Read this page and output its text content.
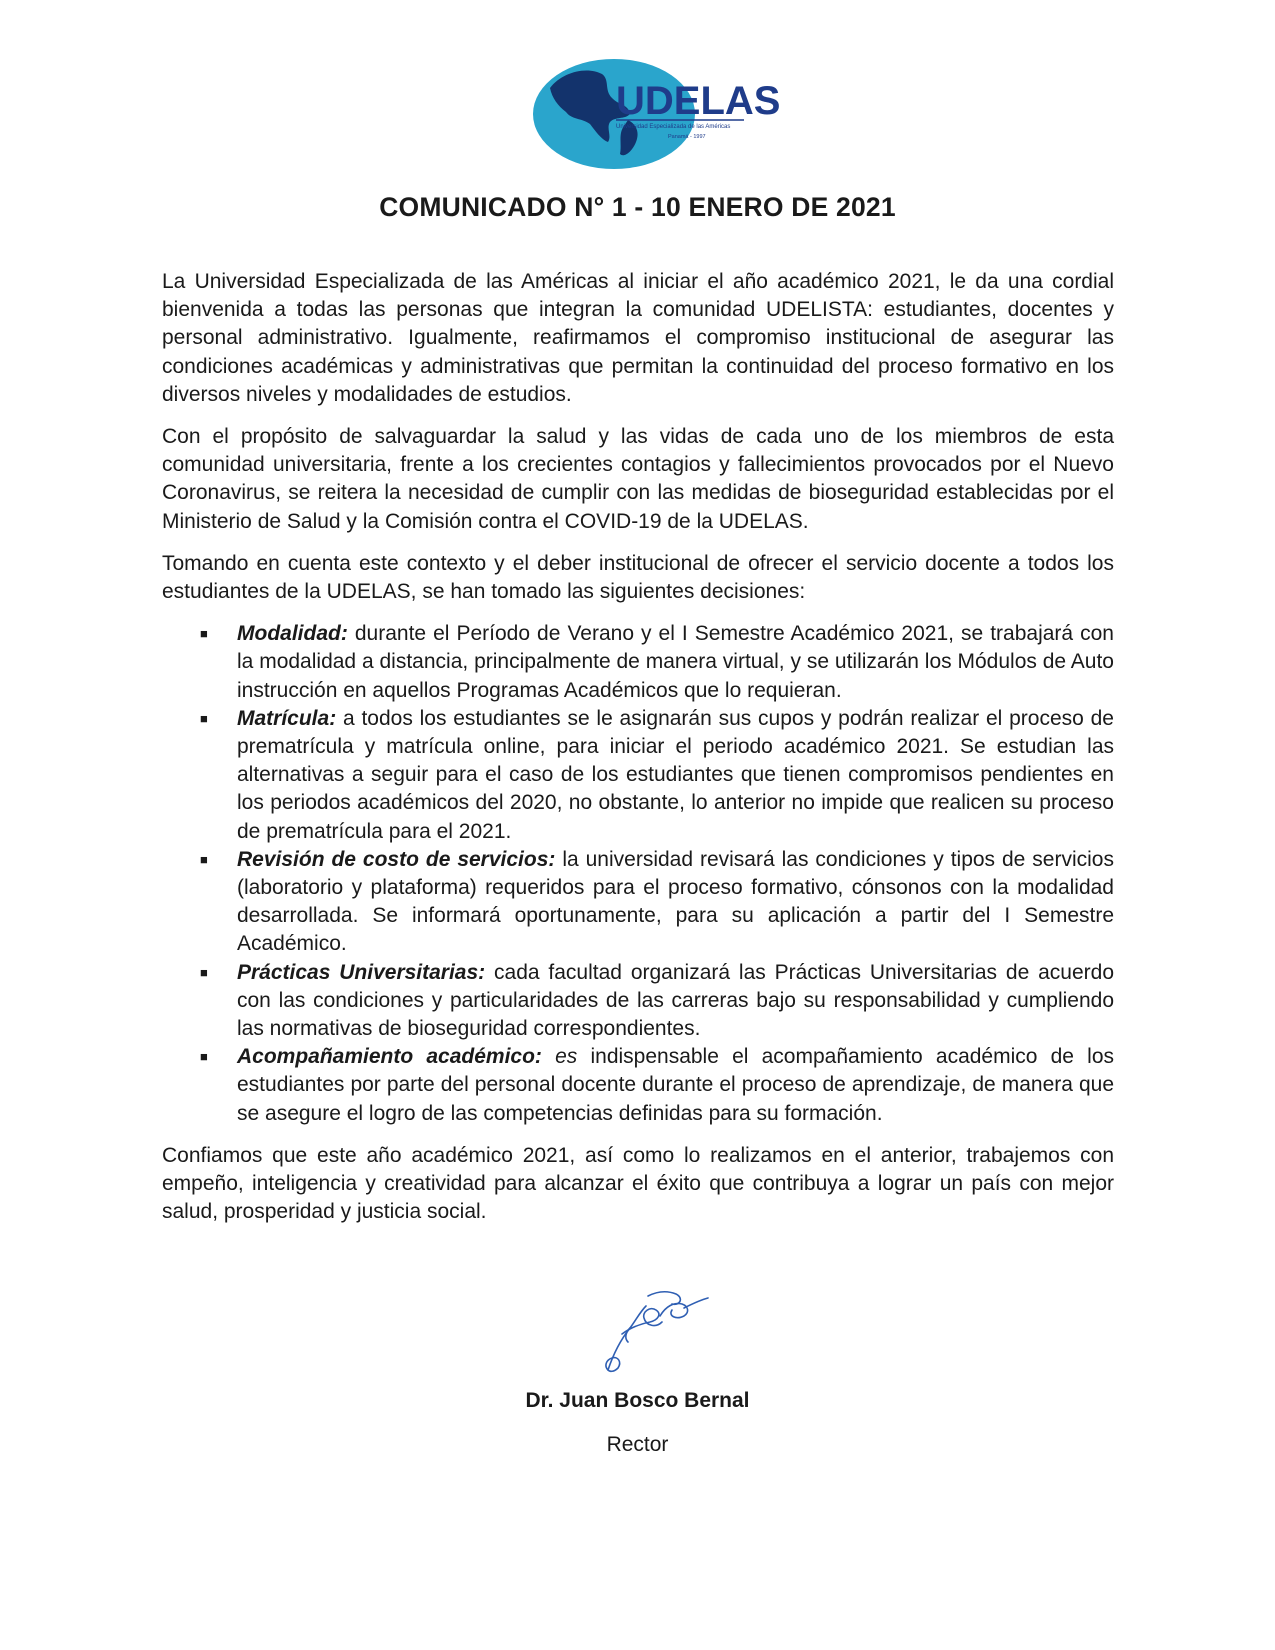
UDELAS
Universidad Especializada de las Américas
Panamá - 1997
COMUNICADO N° 1 - 10 ENERO DE 2021

La Universidad Especializada de las Américas al iniciar el año académico 2021, le da una cordial bienvenida a todas las personas que integran la comunidad UDELISTA: estudiantes, docentes y personal administrativo. Igualmente, reafirmamos el compromiso institucional de asegurar las condiciones académicas y administrativas que permitan la continuidad del proceso formativo en los diversos niveles y modalidades de estudios.

Con el propósito de salvaguardar la salud y las vidas de cada uno de los miembros de esta comunidad universitaria, frente a los crecientes contagios y fallecimientos provocados por el Nuevo Coronavirus, se reitera la necesidad de cumplir con las medidas de bioseguridad establecidas por el Ministerio de Salud y la Comisión contra el COVID-19 de la UDELAS.

Tomando en cuenta este contexto y el deber institucional de ofrecer el servicio docente a todos los estudiantes de la UDELAS, se han tomado las siguientes decisiones:

■ Modalidad: durante el Período de Verano y el I Semestre Académico 2021, se trabajará con la modalidad a distancia, principalmente de manera virtual, y se utilizarán los Módulos de Auto instrucción en aquellos Programas Académicos que lo requieran.
■ Matrícula: a todos los estudiantes se le asignarán sus cupos y podrán realizar el proceso de prematrícula y matrícula online, para iniciar el periodo académico 2021. Se estudian las alternativas a seguir para el caso de los estudiantes que tienen compromisos pendientes en los periodos académicos del 2020, no obstante, lo anterior no impide que realicen su proceso de prematrícula para el 2021.
■ Revisión de costo de servicios: la universidad revisará las condiciones y tipos de servicios (laboratorio y plataforma) requeridos para el proceso formativo, cónsonos con la modalidad desarrollada. Se informará oportunamente, para su aplicación a partir del I Semestre Académico.
■ Prácticas Universitarias: cada facultad organizará las Prácticas Universitarias de acuerdo con las condiciones y particularidades de las carreras bajo su responsabilidad y cumpliendo las normativas de bioseguridad correspondientes.
■ Acompañamiento académico: es indispensable el acompañamiento académico de los estudiantes por parte del personal docente durante el proceso de aprendizaje, de manera que se asegure el logro de las competencias definidas para su formación.

Confiamos que este año académico 2021, así como lo realizamos en el anterior, trabajemos con empeño, inteligencia y creatividad para alcanzar el éxito que contribuya a lograr un país con mejor salud, prosperidad y justicia social.

Dr. Juan Bosco Bernal
Rector
